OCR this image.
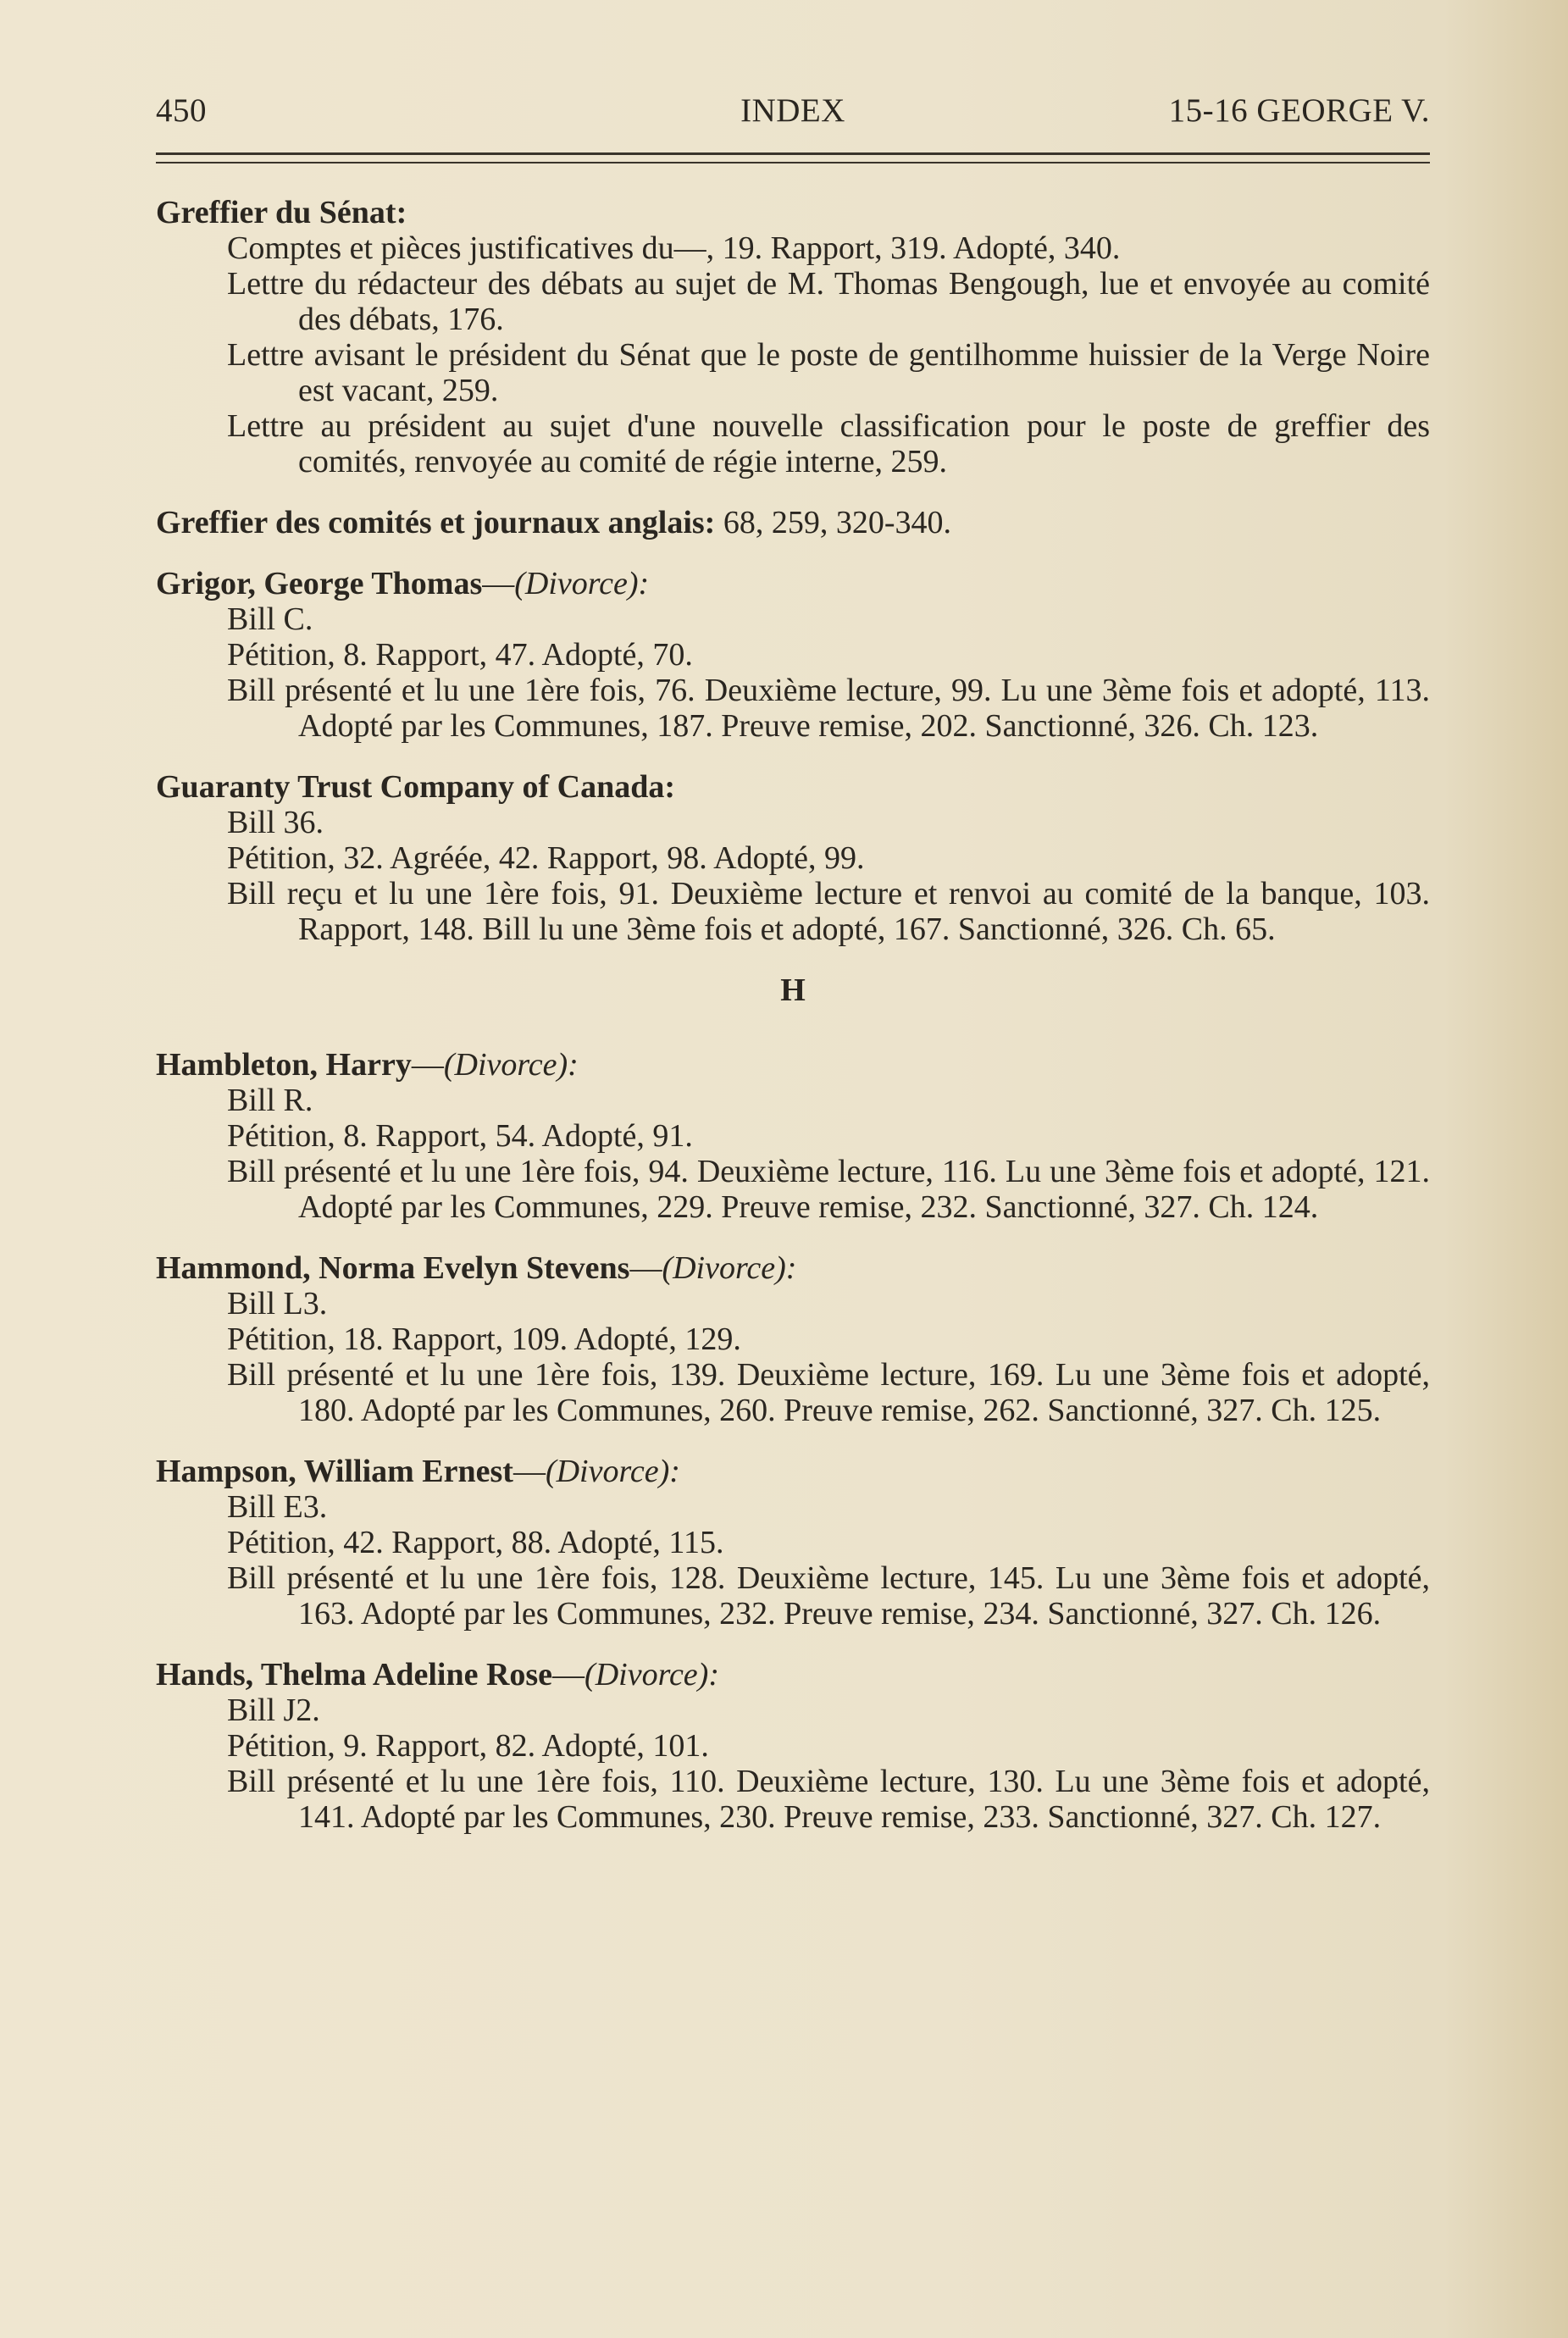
450	INDEX	15-16 GEORGE V.
Greffier du Sénat:
Comptes et pièces justificatives du—, 19. Rapport, 319. Adopté, 340.
Lettre du rédacteur des débats au sujet de M. Thomas Bengough, lue et envoyée au comité des débats, 176.
Lettre avisant le président du Sénat que le poste de gentilhomme huissier de la Verge Noire est vacant, 259.
Lettre au président au sujet d'une nouvelle classification pour le poste de greffier des comités, renvoyée au comité de régie interne, 259.
Greffier des comités et journaux anglais: 68, 259, 320-340.
Grigor, George Thomas—(Divorce):
Bill C.
Pétition, 8. Rapport, 47. Adopté, 70.
Bill présenté et lu une 1ère fois, 76. Deuxième lecture, 99. Lu une 3ème fois et adopté, 113. Adopté par les Communes, 187. Preuve remise, 202. Sanctionné, 326. Ch. 123.
Guaranty Trust Company of Canada:
Bill 36.
Pétition, 32. Agréée, 42. Rapport, 98. Adopté, 99.
Bill reçu et lu une 1ère fois, 91. Deuxième lecture et renvoi au comité de la banque, 103. Rapport, 148. Bill lu une 3ème fois et adopté, 167. Sanctionné, 326. Ch. 65.
H
Hambleton, Harry—(Divorce):
Bill R.
Pétition, 8. Rapport, 54. Adopté, 91.
Bill présenté et lu une 1ère fois, 94. Deuxième lecture, 116. Lu une 3ème fois et adopté, 121. Adopté par les Communes, 229. Preuve remise, 232. Sanctionné, 327. Ch. 124.
Hammond, Norma Evelyn Stevens—(Divorce):
Bill L3.
Pétition, 18. Rapport, 109. Adopté, 129.
Bill présenté et lu une 1ère fois, 139. Deuxième lecture, 169. Lu une 3ème fois et adopté, 180. Adopté par les Communes, 260. Preuve remise, 262. Sanctionné, 327. Ch. 125.
Hampson, William Ernest—(Divorce):
Bill E3.
Pétition, 42. Rapport, 88. Adopté, 115.
Bill présenté et lu une 1ère fois, 128. Deuxième lecture, 145. Lu une 3ème fois et adopté, 163. Adopté par les Communes, 232. Preuve remise, 234. Sanctionné, 327. Ch. 126.
Hands, Thelma Adeline Rose—(Divorce):
Bill J2.
Pétition, 9. Rapport, 82. Adopté, 101.
Bill présenté et lu une 1ère fois, 110. Deuxième lecture, 130. Lu une 3ème fois et adopté, 141. Adopté par les Communes, 230. Preuve remise, 233. Sanctionné, 327. Ch. 127.
